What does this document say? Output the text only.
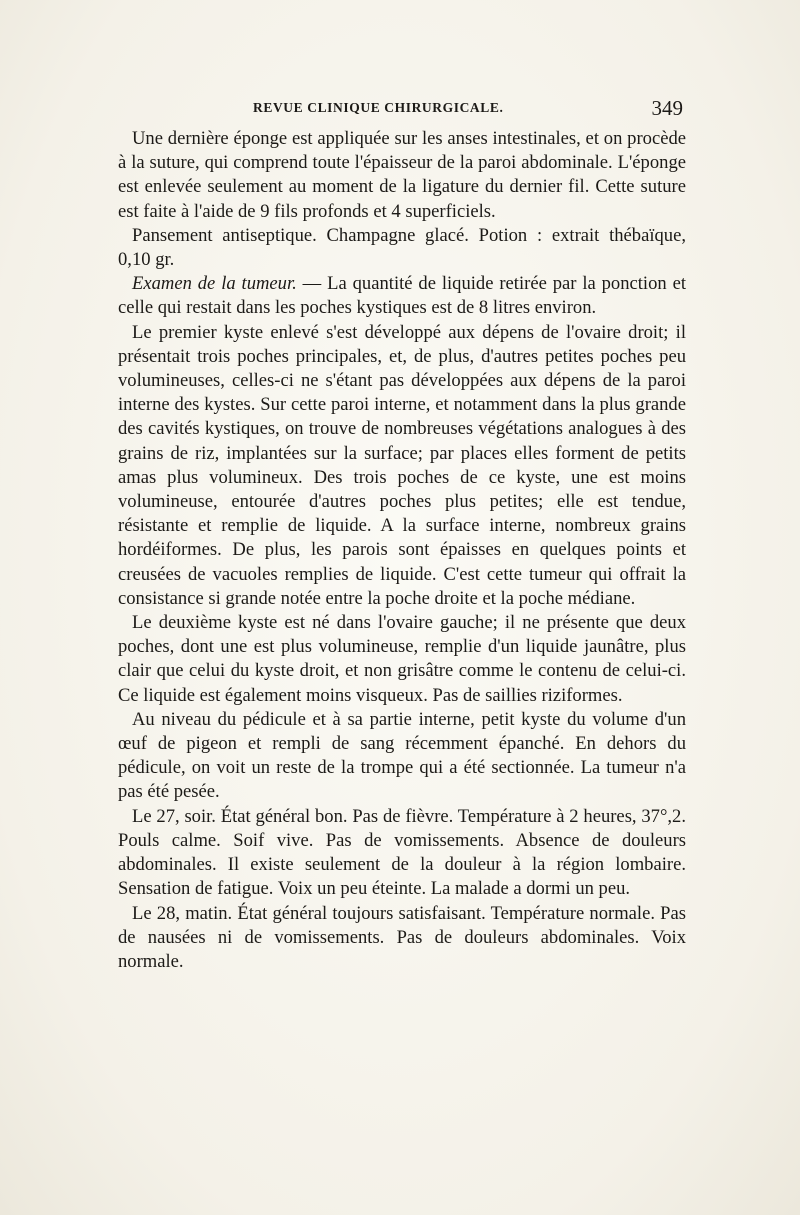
REVUE CLINIQUE CHIRURGICALE.	349

Une dernière éponge est appliquée sur les anses intestinales, et on procède à la suture, qui comprend toute l'épaisseur de la paroi abdominale. L'éponge est enlevée seulement au moment de la ligature du dernier fil. Cette suture est faite à l'aide de 9 fils profonds et 4 superficiels.

Pansement antiseptique. Champagne glacé. Potion : extrait thébaïque, 0,10 gr.

Examen de la tumeur. — La quantité de liquide retirée par la ponction et celle qui restait dans les poches kystiques est de 8 litres environ.

Le premier kyste enlevé s'est développé aux dépens de l'ovaire droit; il présentait trois poches principales, et, de plus, d'autres petites poches peu volumineuses, celles-ci ne s'étant pas développées aux dépens de la paroi interne des kystes. Sur cette paroi interne, et notamment dans la plus grande des cavités kystiques, on trouve de nombreuses végétations analogues à des grains de riz, implantées sur la surface; par places elles forment de petits amas plus volumineux. Des trois poches de ce kyste, une est moins volumineuse, entourée d'autres poches plus petites; elle est tendue, résistante et remplie de liquide. A la surface interne, nombreux grains hordéiformes. De plus, les parois sont épaisses en quelques points et creusées de vacuoles remplies de liquide. C'est cette tumeur qui offrait la consistance si grande notée entre la poche droite et la poche médiane.

Le deuxième kyste est né dans l'ovaire gauche; il ne présente que deux poches, dont une est plus volumineuse, remplie d'un liquide jaunâtre, plus clair que celui du kyste droit, et non grisâtre comme le contenu de celui-ci. Ce liquide est également moins visqueux. Pas de saillies riziformes.

Au niveau du pédicule et à sa partie interne, petit kyste du volume d'un œuf de pigeon et rempli de sang récemment épanché. En dehors du pédicule, on voit un reste de la trompe qui a été sectionnée. La tumeur n'a pas été pesée.

Le 27, soir. État général bon. Pas de fièvre. Température à 2 heures, 37°,2. Pouls calme. Soif vive. Pas de vomissements. Absence de douleurs abdominales. Il existe seulement de la douleur à la région lombaire. Sensation de fatigue. Voix un peu éteinte. La malade a dormi un peu.

Le 28, matin. État général toujours satisfaisant. Température normale. Pas de nausées ni de vomissements. Pas de douleurs abdominales. Voix normale.
